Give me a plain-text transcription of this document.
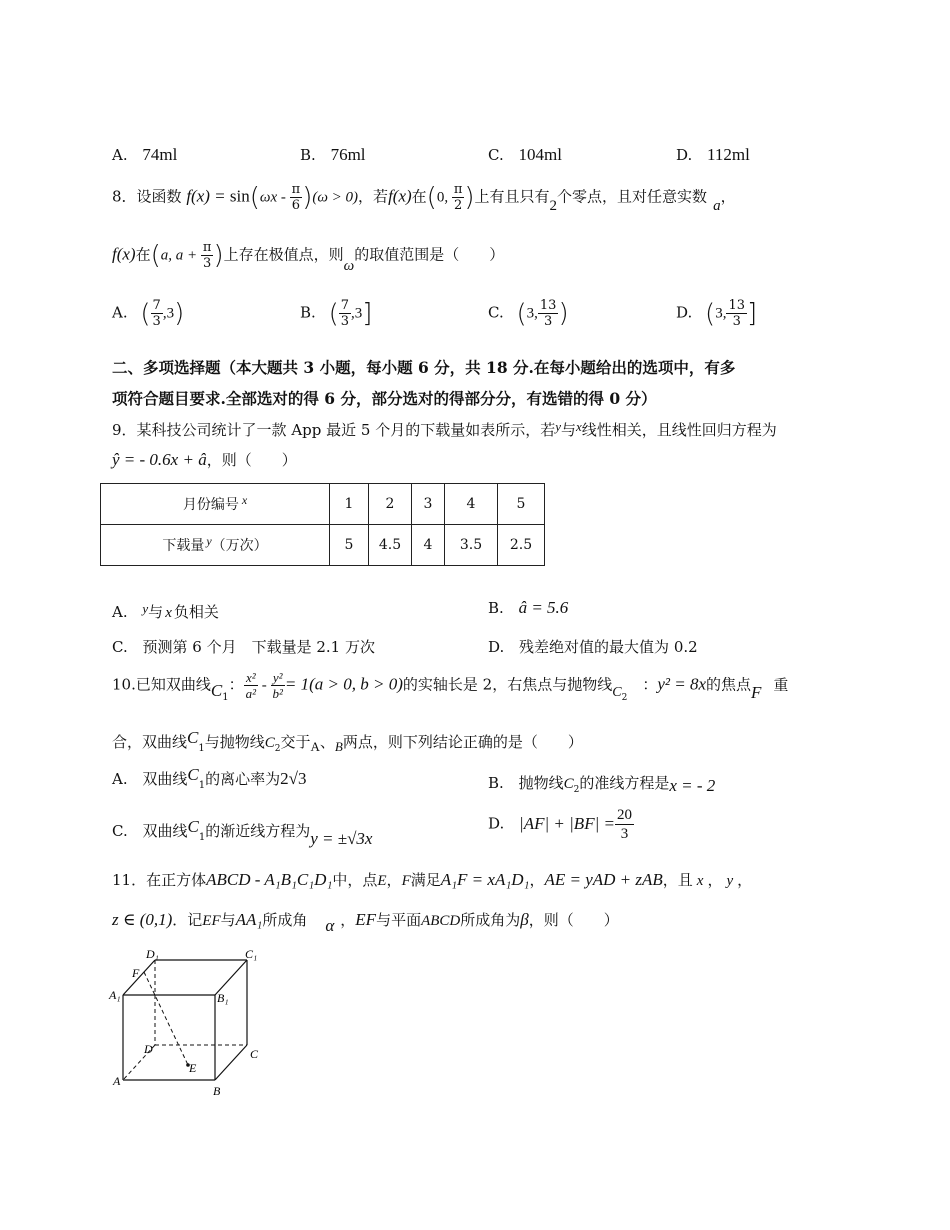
A. 74ml	B. 76ml	C. 104ml	D. 112ml
8．设函数 $f(x) = \sin(\omega x - \frac{\pi}{6} )(\omega > 0)$，若f(x)在(0, $\frac{\pi}{2}$ )上有且只有2个零点，且对任意实数 a，
f(x)在(a, $a + \frac{\pi}{3}$ )上存在极值点，则ω的取值范围是（　　）
A. ( $\frac{7}{3} ,3$)	B. ( $\frac{7}{3} ,3$]	C. (3, $\frac{13}{3}$ )	D. (3, $\frac{13}{3}$ ]
二、多项选择题（本大题共 3 小题，每小题 6 分，共 18 分.在每小题给出的选项中，有多
项符合题目要求.全部选对的得 6 分，部分选对的得部分分，有选错的得 0 分）
9．某科技公司统计了一款 App 最近 5 个月的下载量如表所示，若y与x线性相关，且线性回归方程为
ŷ = - 0.6x + â，则（　　）
月份编号 x	1	2	3	4	5
下载量 y（万次）	5	4.5	4	3.5	2.5
A. y与 x 负相关	B. â = 5.6
C. 预测第 6 个月　下载量是 2.1 万次	D. 残差绝对值的最大值为 0.2
10.已知双曲线$C_1$： $\frac{\text{x²}}{\text{a²}} - \frac{\text{y²}}{\text{b²}} = 1(a > 0$, b > 0)的实轴长是 2，右焦点与抛物线$C_2$　：y² = 8x的焦点F 重
合，双曲线$C_1$与抛物线$C_2$交于A、B两点，则下列结论正确的是（　　）
A. 双曲线$C_1$的离心率为2√3	B. 抛物线$C_2$的准线方程是x = - 2
C. 双曲线$C_1$的渐近线方程为y = ±√3x
D. $|AF| + |BF| = \frac{20}{3}$
11．在正方体ABCD - A₁B₁C₁D₁中，点E，F满足A₁F = xA₁D₁，AE = yAD + zAB，且 x ， y ，
z ∈ (0,1)．记EF与AA₁所成角 α ，EF与平面ABCD所成角为β，则（　　）
D₁	C₁
F
A₁	B₁
D	C
E
A
B
